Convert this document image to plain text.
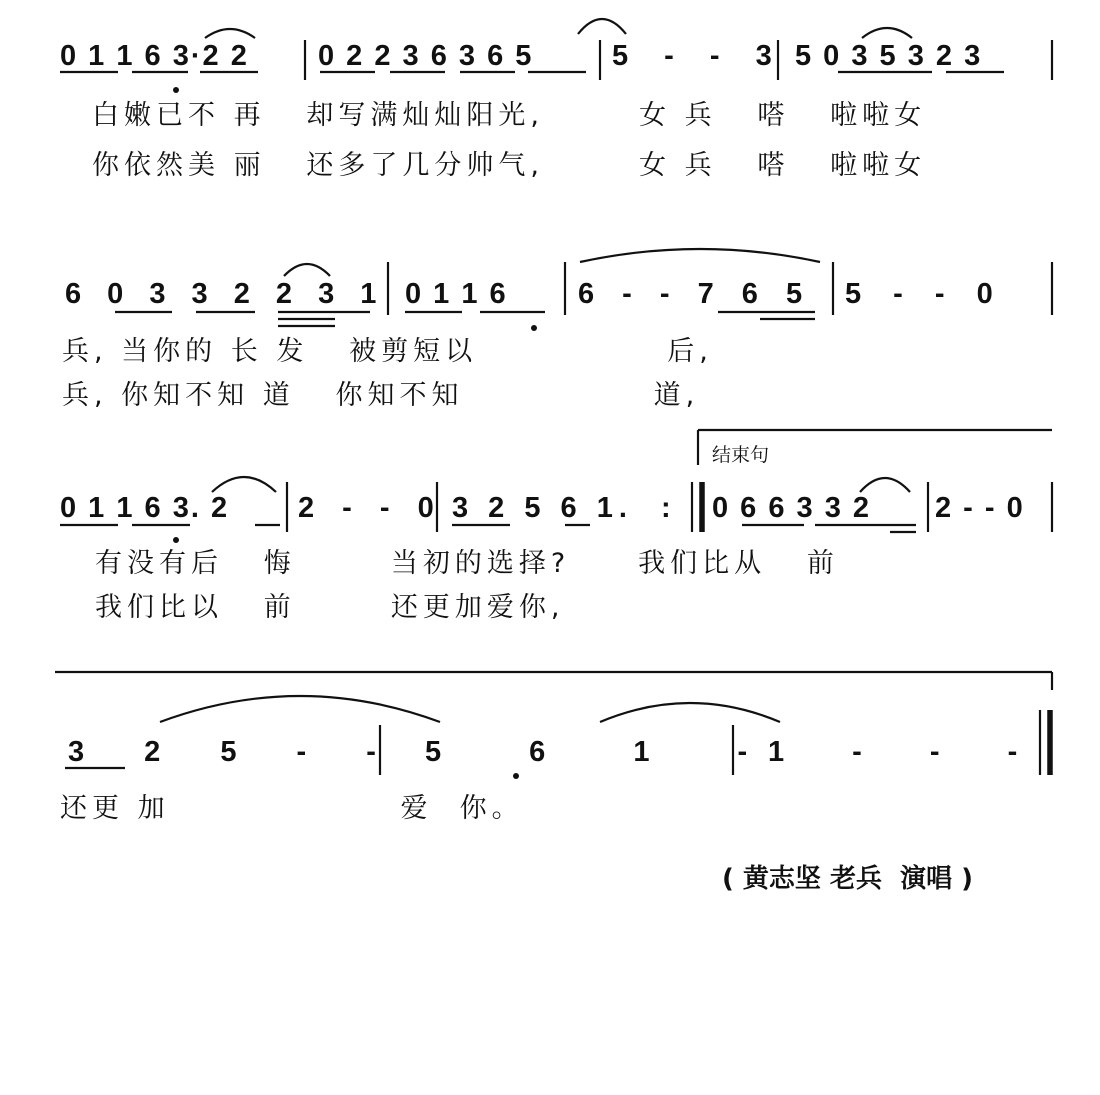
0 1 1 6 3·2 2 0 2 2 3 6 3 6 5	5 - - 3 5 0 3 5 3 2 3
白嫩已不 再   却写满灿灿阳光,       女 兵   嗒   啦啦女
你依然美 丽   还多了几分帅气,       女 兵   嗒   啦啦女
6 0 3 3 2 2 3 1 0 1 1 6 6 - - 7 6 5 5 - - 0
兵, 当你的 长 发   被剪短以              后,
兵, 你知不知 道   你知不知              道,
结束句
0 1 1 6 3. 2 2 - - 0 3 2 5 6 1.  : 0 6 6 3 3 2 2 - - 0
有没有后   悔       当初的选择?     我们比从   前
我们比以   前       还更加爱你,
3 2 5 - - 5 6 1 -
1 - - -
还更 加                 爱  你。
( 黄志坚 老兵  演唱 )
